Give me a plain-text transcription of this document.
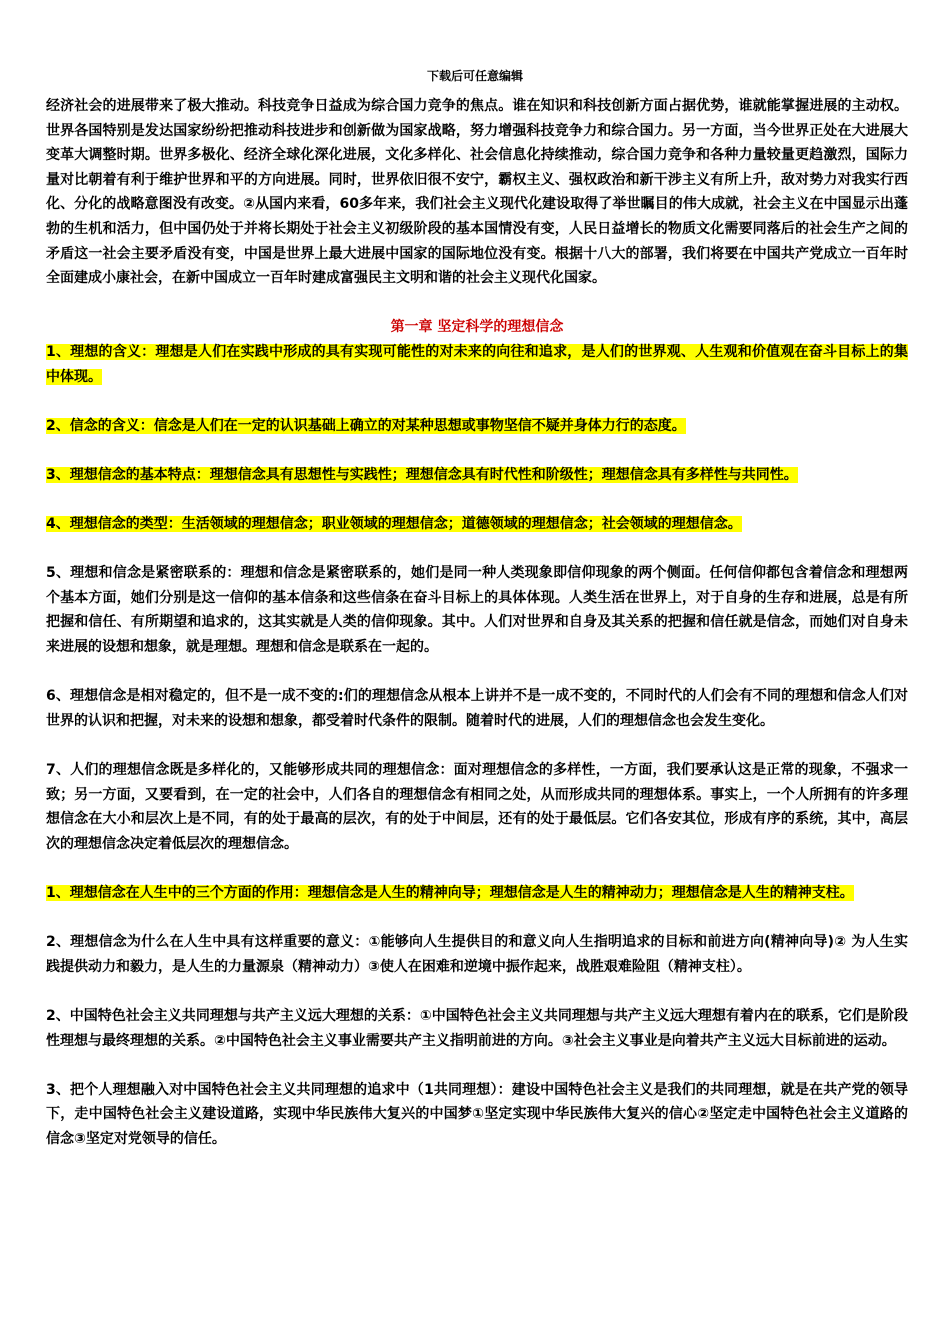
下载后可任意编辑

经济社会的进展带来了极大推动。科技竞争日益成为综合国力竞争的焦点。谁在知识和科技创新方面占据优势，谁就能掌握进展的主动权。世界各国特别是发达国家纷纷把推动科技进步和创新做为国家战略，努力增强科技竞争力和综合国力。另一方面，当今世界正处在大进展大变革大调整时期。世界多极化、经济全球化深化进展，文化多样化、社会信息化持续推动，综合国力竞争和各种力量较量更趋激烈，国际力量对比朝着有利于维护世界和平的方向进展。同时，世界依旧很不安宁，霸权主义、强权政治和新干涉主义有所上升，敌对势力对我实行西化、分化的战略意图没有改变。②从国内来看，60多年来，我们社会主义现代化建设取得了举世瞩目的伟大成就，社会主义在中国显示出蓬勃的生机和活力，但中国仍处于并将长期处于社会主义初级阶段的基本国情没有变，人民日益增长的物质文化需要同落后的社会生产之间的矛盾这一社会主要矛盾没有变，中国是世界上最大进展中国家的国际地位没有变。根据十八大的部署，我们将要在中国共产党成立一百年时全面建成小康社会，在新中国成立一百年时建成富强民主文明和谐的社会主义现代化国家。

第一章 坚定科学的理想信念

1、理想的含义：理想是人们在实践中形成的具有实现可能性的对未来的向往和追求，是人们的世界观、人生观和价值观在奋斗目标上的集中体现。

2、信念的含义：信念是人们在一定的认识基础上确立的对某种思想或事物坚信不疑并身体力行的态度。

3、理想信念的基本特点：理想信念具有思想性与实践性；理想信念具有时代性和阶级性；理想信念具有多样性与共同性。

4、理想信念的类型：生活领域的理想信念；职业领域的理想信念；道德领域的理想信念；社会领域的理想信念。

5、理想和信念是紧密联系的：理想和信念是紧密联系的，她们是同一种人类现象即信仰现象的两个侧面。任何信仰都包含着信念和理想两个基本方面，她们分别是这一信仰的基本信条和这些信条在奋斗目标上的具体体现。人类生活在世界上，对于自身的生存和进展，总是有所把握和信任、有所期望和追求的，这其实就是人类的信仰现象。其中。人们对世界和自身及其关系的把握和信任就是信念，而她们对自身未来进展的设想和想象，就是理想。理想和信念是联系在一起的。

6、理想信念是相对稳定的，但不是一成不变的:们的理想信念从根本上讲并不是一成不变的，不同时代的人们会有不同的理想和信念人们对世界的认识和把握，对未来的设想和想象，都受着时代条件的限制。随着时代的进展，人们的理想信念也会发生变化。

7、人们的理想信念既是多样化的，又能够形成共同的理想信念：面对理想信念的多样性，一方面，我们要承认这是正常的现象，不强求一致；另一方面，又要看到，在一定的社会中，人们各自的理想信念有相同之处，从而形成共同的理想体系。事实上，一个人所拥有的许多理想信念在大小和层次上是不同，有的处于最高的层次，有的处于中间层，还有的处于最低层。它们各安其位，形成有序的系统，其中，高层次的理想信念决定着低层次的理想信念。

1、理想信念在人生中的三个方面的作用：理想信念是人生的精神向导；理想信念是人生的精神动力；理想信念是人生的精神支柱。

2、理想信念为什么在人生中具有这样重要的意义：①能够向人生提供目的和意义向人生指明追求的目标和前进方向(精神向导)② 为人生实践提供动力和毅力，是人生的力量源泉（精神动力）③使人在困难和逆境中振作起来，战胜艰难险阻（精神支柱）。

2、中国特色社会主义共同理想与共产主义远大理想的关系：①中国特色社会主义共同理想与共产主义远大理想有着内在的联系，它们是阶段性理想与最终理想的关系。②中国特色社会主义事业需要共产主义指明前进的方向。③社会主义事业是向着共产主义远大目标前进的运动。

3、把个人理想融入对中国特色社会主义共同理想的追求中（1共同理想）：建设中国特色社会主义是我们的共同理想，就是在共产党的领导下，走中国特色社会主义建设道路，实现中华民族伟大复兴的中国梦①坚定实现中华民族伟大复兴的信心②坚定走中国特色社会主义道路的信念③坚定对党领导的信任。
